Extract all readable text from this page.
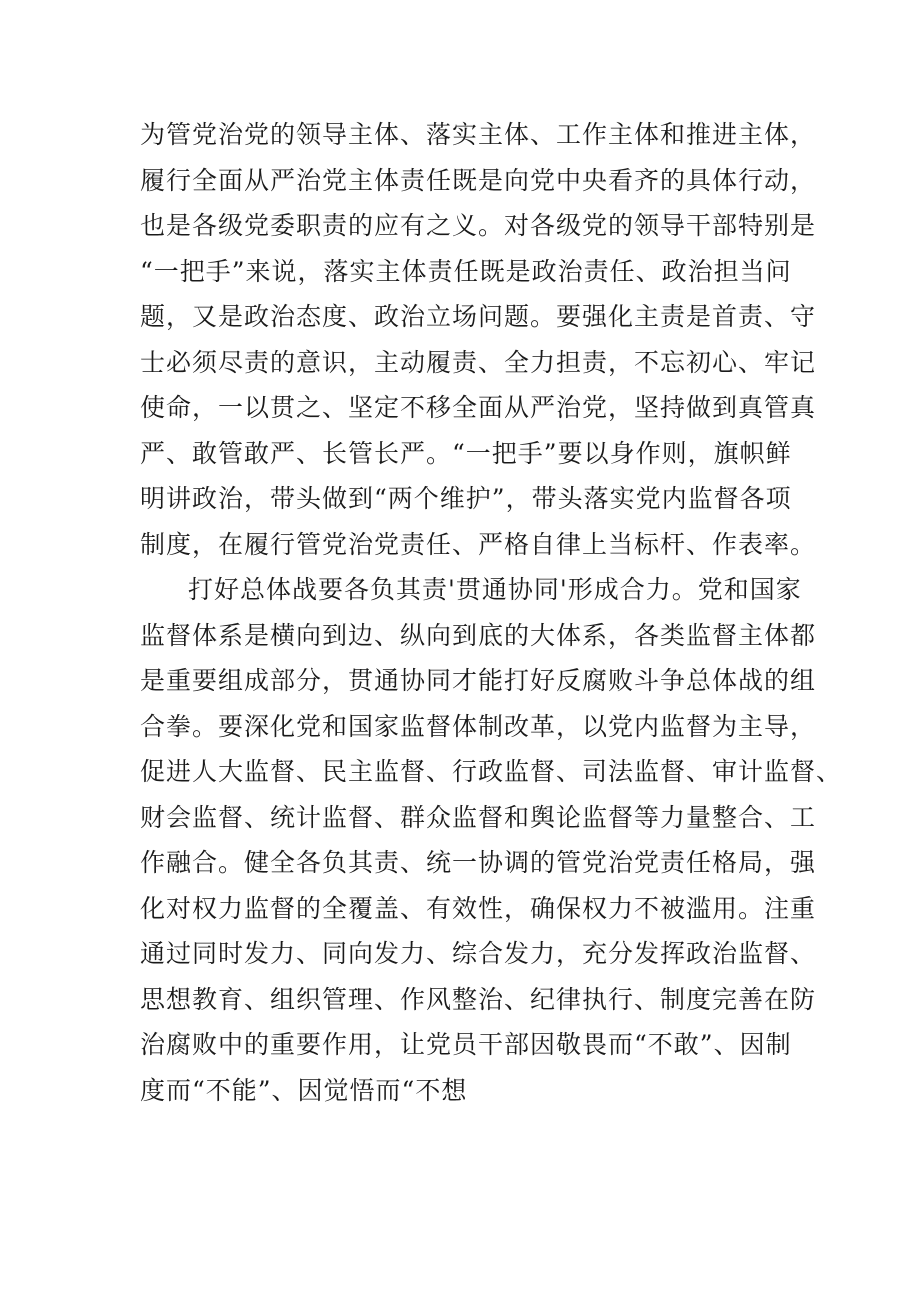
为管党治党的领导主体、落实主体、工作主体和推进主体，
履行全面从严治党主体责任既是向党中央看齐的具体行动，
也是各级党委职责的应有之义。对各级党的领导干部特别是
“一把手”来说，落实主体责任既是政治责任、政治担当问
题，又是政治态度、政治立场问题。要强化主责是首责、守
士必须尽责的意识，主动履责、全力担责，不忘初心、牢记
使命，一以贯之、坚定不移全面从严治党，坚持做到真管真
严、敢管敢严、长管长严。“一把手”要以身作则，旗帜鲜
明讲政治，带头做到“两个维护”，带头落实党内监督各项
制度，在履行管党治党责任、严格自律上当标杆、作表率。
打好总体战要各负其责'贯通协同'形成合力。党和国家
监督体系是横向到边、纵向到底的大体系，各类监督主体都
是重要组成部分，贯通协同才能打好反腐败斗争总体战的组
合拳。要深化党和国家监督体制改革，以党内监督为主导，
促进人大监督、民主监督、行政监督、司法监督、审计监督、
财会监督、统计监督、群众监督和舆论监督等力量整合、工
作融合。健全各负其责、统一协调的管党治党责任格局，强
化对权力监督的全覆盖、有效性，确保权力不被滥用。注重
通过同时发力、同向发力、综合发力，充分发挥政治监督、
思想教育、组织管理、作风整治、纪律执行、制度完善在防
治腐败中的重要作用，让党员干部因敬畏而“不敢”、因制
度而“不能”、因觉悟而“不想
